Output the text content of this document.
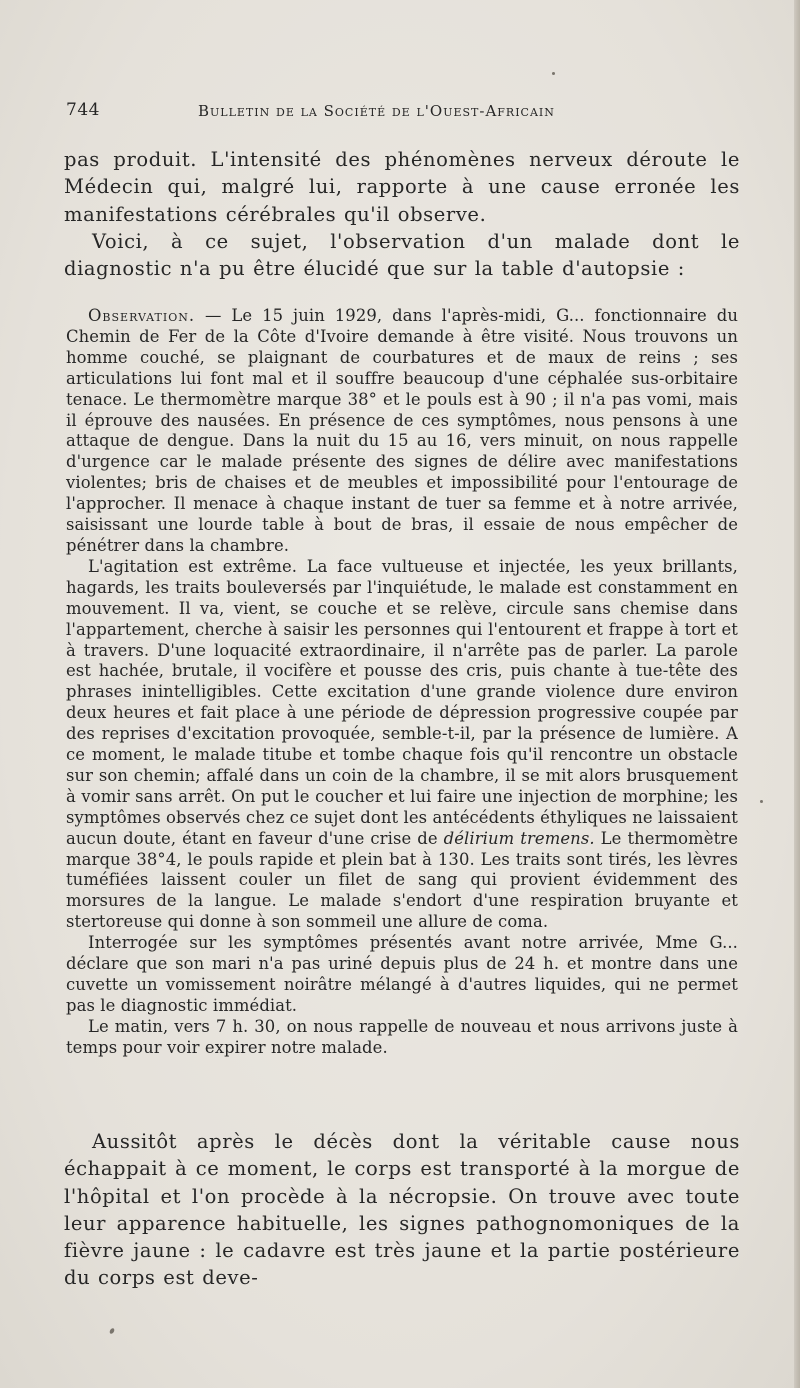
744	Bulletin de la Société de l'Ouest-Africain

pas produit. L'intensité des phénomènes nerveux déroute le Médecin qui, malgré lui, rapporte à une cause erronée les manifestations cérébrales qu'il observe.

Voici, à ce sujet, l'observation d'un malade dont le diagnostic n'a pu être élucidé que sur la table d'autopsie :

Observation. — Le 15 juin 1929, dans l'après-midi, G... fonctionnaire du Chemin de Fer de la Côte d'Ivoire demande à être visité. Nous trouvons un homme couché, se plaignant de courbatures et de maux de reins ; ses articulations lui font mal et il souffre beaucoup d'une céphalée sus-orbitaire tenace. Le thermomètre marque 38° et le pouls est à 90 ; il n'a pas vomi, mais il éprouve des nausées. En présence de ces symptômes, nous pensons à une attaque de dengue. Dans la nuit du 15 au 16, vers minuit, on nous rappelle d'urgence car le malade présente des signes de délire avec manifestations violentes; bris de chaises et de meubles et impossibilité pour l'entourage de l'approcher. Il menace à chaque instant de tuer sa femme et à notre arrivée, saisissant une lourde table à bout de bras, il essaie de nous empêcher de pénétrer dans la chambre.

L'agitation est extrême. La face vultueuse et injectée, les yeux brillants, hagards, les traits bouleversés par l'inquiétude, le malade est constamment en mouvement. Il va, vient, se couche et se relève, circule sans chemise dans l'appartement, cherche à saisir les personnes qui l'entourent et frappe à tort et à travers. D'une loquacité extraordinaire, il n'arrête pas de parler. La parole est hachée, brutale, il vocifère et pousse des cris, puis chante à tue-tête des phrases inintelligibles. Cette excitation d'une grande violence dure environ deux heures et fait place à une période de dépression progressive coupée par des reprises d'excitation provoquée, semble-t-il, par la présence de lumière. A ce moment, le malade titube et tombe chaque fois qu'il rencontre un obstacle sur son chemin; affalé dans un coin de la chambre, il se mit alors brusquement à vomir sans arrêt. On put le coucher et lui faire une injection de morphine; les symptômes observés chez ce sujet dont les antécédents éthyliques ne laissaient aucun doute, étant en faveur d'une crise de délirium tremens. Le thermomètre marque 38°4, le pouls rapide et plein bat à 130. Les traits sont tirés, les lèvres tuméfiées laissent couler un filet de sang qui provient évidemment des morsures de la langue. Le malade s'endort d'une respiration bruyante et stertoreuse qui donne à son sommeil une allure de coma.

Interrogée sur les symptômes présentés avant notre arrivée, Mme G... déclare que son mari n'a pas uriné depuis plus de 24 h. et montre dans une cuvette un vomissement noirâtre mélangé à d'autres liquides, qui ne permet pas le diagnostic immédiat.

Le matin, vers 7 h. 30, on nous rappelle de nouveau et nous arrivons juste à temps pour voir expirer notre malade.

Aussitôt après le décès dont la véritable cause nous échappait à ce moment, le corps est transporté à la morgue de l'hôpital et l'on procède à la nécropsie. On trouve avec toute leur apparence habituelle, les signes pathognomoniques de la fièvre jaune : le cadavre est très jaune et la partie postérieure du corps est deve-
